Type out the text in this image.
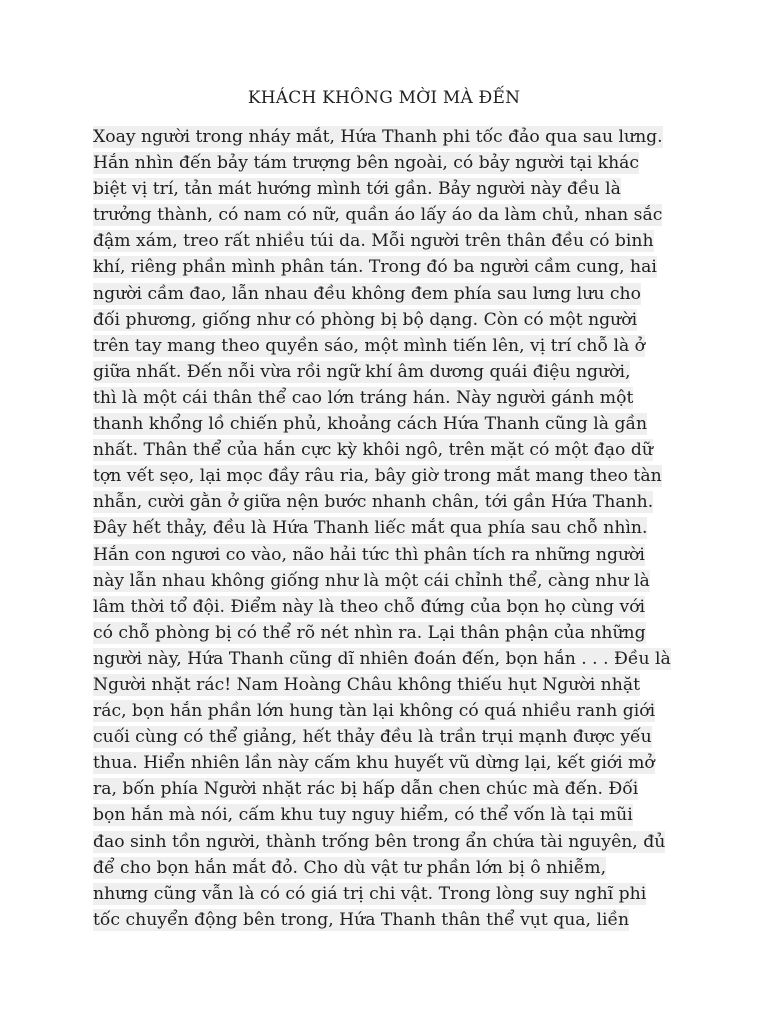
KHÁCH KHÔNG MỜI MÀ ĐẾN
Xoay người trong nháy mắt, Hứa Thanh phi tốc đảo qua sau lưng.
Hắn nhìn đến bảy tám trượng bên ngoài, có bảy người tại khác
biệt vị trí, tản mát hướng mình tới gần. Bảy người này đều là
trưởng thành, có nam có nữ, quần áo lấy áo da làm chủ, nhan sắc
đậm xám, treo rất nhiều túi da. Mỗi người trên thân đều có binh
khí, riêng phần mình phân tán. Trong đó ba người cầm cung, hai
người cầm đao, lẫn nhau đều không đem phía sau lưng lưu cho
đối phương, giống như có phòng bị bộ dạng. Còn có một người
trên tay mang theo quyền sáo, một mình tiến lên, vị trí chỗ là ở
giữa nhất. Đến nỗi vừa rồi ngữ khí âm dương quái điệu người,
thì là một cái thân thể cao lớn tráng hán. Này người gánh một
thanh khổng lồ chiến phủ, khoảng cách Hứa Thanh cũng là gần
nhất. Thân thể của hắn cực kỳ khôi ngô, trên mặt có một đạo dữ
tợn vết sẹo, lại mọc đầy râu ria, bây giờ trong mắt mang theo tàn
nhẫn, cười gằn ở giữa nện bước nhanh chân, tới gần Hứa Thanh.
Đây hết thảy, đều là Hứa Thanh liếc mắt qua phía sau chỗ nhìn.
Hắn con ngươi co vào, não hải tức thì phân tích ra những người
này lẫn nhau không giống như là một cái chỉnh thể, càng như là
lâm thời tổ đội. Điểm này là theo chỗ đứng của bọn họ cùng với
có chỗ phòng bị có thể rõ nét nhìn ra. Lại thân phận của những
người này, Hứa Thanh cũng dĩ nhiên đoán đến, bọn hắn . . . Đều là
Người nhặt rác! Nam Hoàng Châu không thiếu hụt Người nhặt
rác, bọn hắn phần lớn hung tàn lại không có quá nhiều ranh giới
cuối cùng có thể giảng, hết thảy đều là trần trụi mạnh được yếu
thua. Hiển nhiên lần này cấm khu huyết vũ dừng lại, kết giới mở
ra, bốn phía Người nhặt rác bị hấp dẫn chen chúc mà đến. Đối
bọn hắn mà nói, cấm khu tuy nguy hiểm, có thể vốn là tại mũi
đao sinh tồn người, thành trống bên trong ẩn chứa tài nguyên, đủ
để cho bọn hắn mắt đỏ. Cho dù vật tư phần lớn bị ô nhiễm,
nhưng cũng vẫn là có có giá trị chi vật. Trong lòng suy nghĩ phi
tốc chuyển động bên trong, Hứa Thanh thân thể vụt qua, liền
